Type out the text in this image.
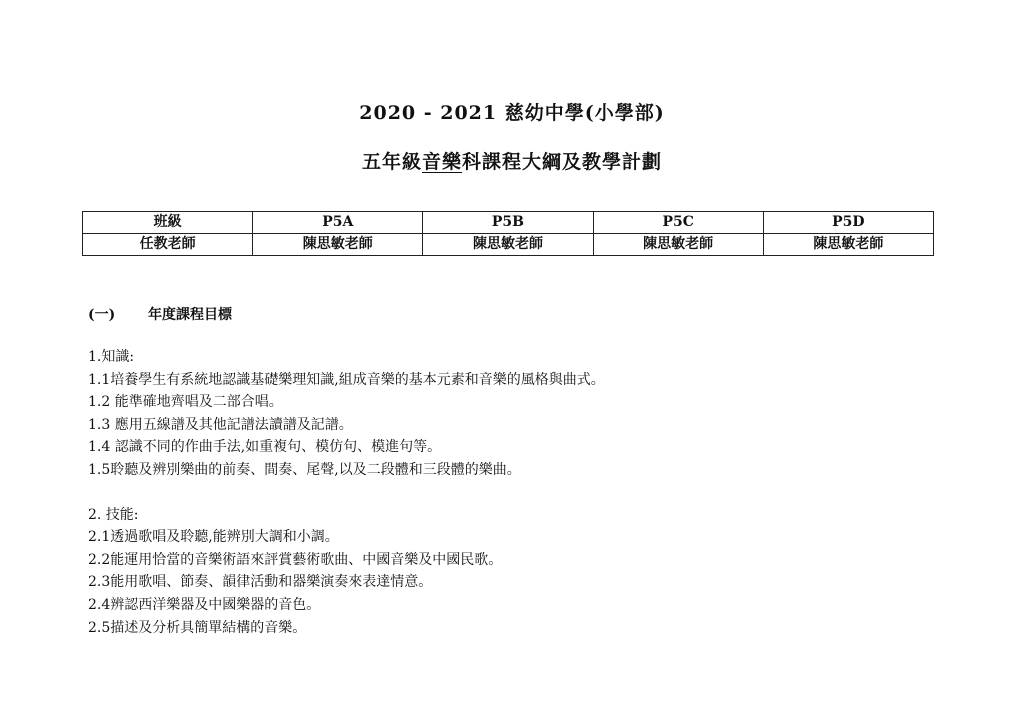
2020 - 2021 慈幼中學(小學部)
五年級音樂科課程大綱及教學計劃
班級	P5A	P5B	P5C	P5D
任教老師	陳思敏老師	陳思敏老師	陳思敏老師	陳思敏老師
(一) 年度課程目標
1.知識:
1.1培養學生有系統地認識基礎樂理知識,組成音樂的基本元素和音樂的風格與曲式。
1.2 能準確地齊唱及二部合唱。
1.3 應用五線譜及其他記譜法讀譜及記譜。
1.4 認識不同的作曲手法,如重複句、模仿句、模進句等。
1.5聆聽及辨別樂曲的前奏、間奏、尾聲,以及二段體和三段體的樂曲。
2. 技能:
2.1透過歌唱及聆聽,能辨別大調和小調。
2.2能運用恰當的音樂術語來評賞藝術歌曲、中國音樂及中國民歌。
2.3能用歌唱、節奏、韻律活動和器樂演奏來表達情意。
2.4辨認西洋樂器及中國樂器的音色。
2.5描述及分析具簡單結構的音樂。
